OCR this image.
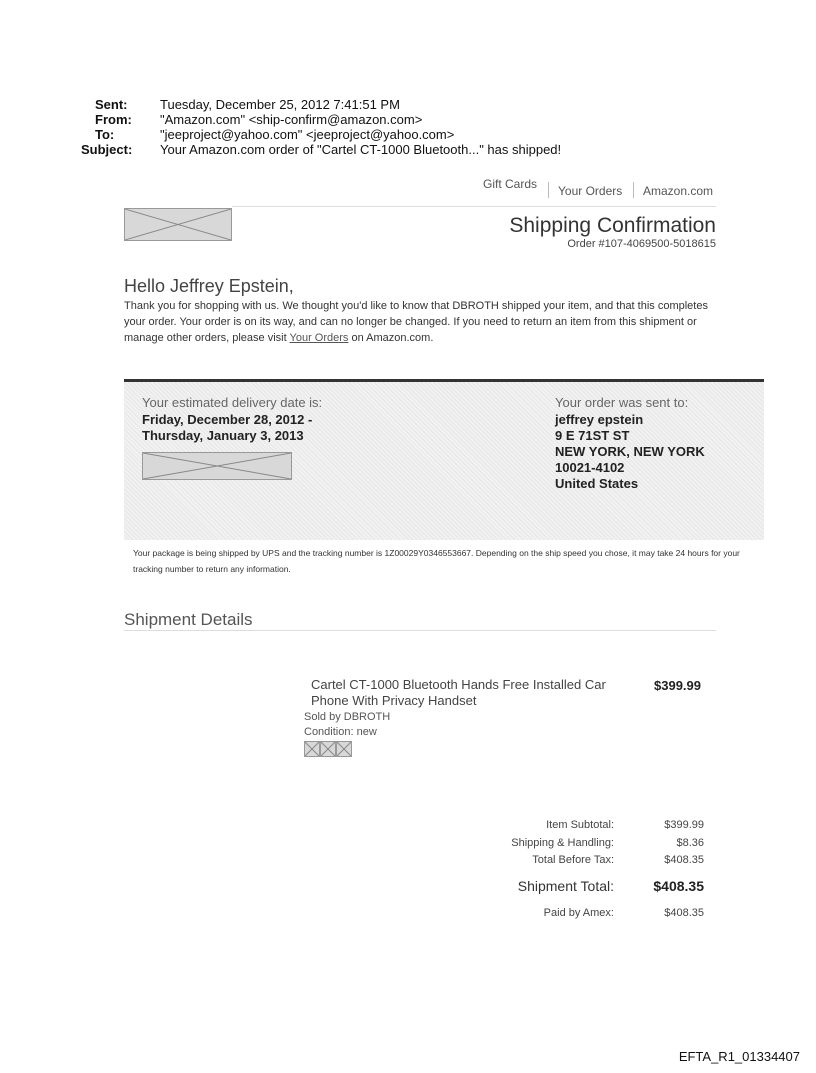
Sent:	Tuesday, December 25, 2012 7:41:51 PM
From: "Amazon.com" <ship-confirm@amazon.com>
To:	"jeeproject@yahoo.com" <jeeproject@yahoo.com>
Subject: Your Amazon.com order of "Cartel CT-1000 Bluetooth..." has shipped!
Gift Cards Your Orders Amazon.com
Shipping Confirmation
Order #107-4069500-5018615
Hello Jeffrey Epstein,
Thank you for shopping with us. We thought you'd like to know that DBROTH shipped your item, and that this completes your order. Your order is on its way, and can no longer be changed. If you need to return an item from this shipment or manage other orders, please visit Your Orders on Amazon.com.
Your estimated delivery date is:
Friday, December 28, 2012 -
Thursday, January 3, 2013
Your order was sent to:
jeffrey epstein
9 E 71ST ST
NEW YORK, NEW YORK
10021-4102
United States
Your package is being shipped by UPS and the tracking number is 1Z00029Y0346553667. Depending on the ship speed you chose, it may take 24 hours for your tracking number to return any information.
Shipment Details
Cartel CT-1000 Bluetooth Hands Free Installed Car Phone With Privacy Handset
$399.99
Sold by DBROTH
Condition: new
Item Subtotal:	$399.99
Shipping & Handling:	$8.36
Total Before Tax:	$408.35
Shipment Total:	$408.35
Paid by Amex:	$408.35
EFTA_R1_01334407
